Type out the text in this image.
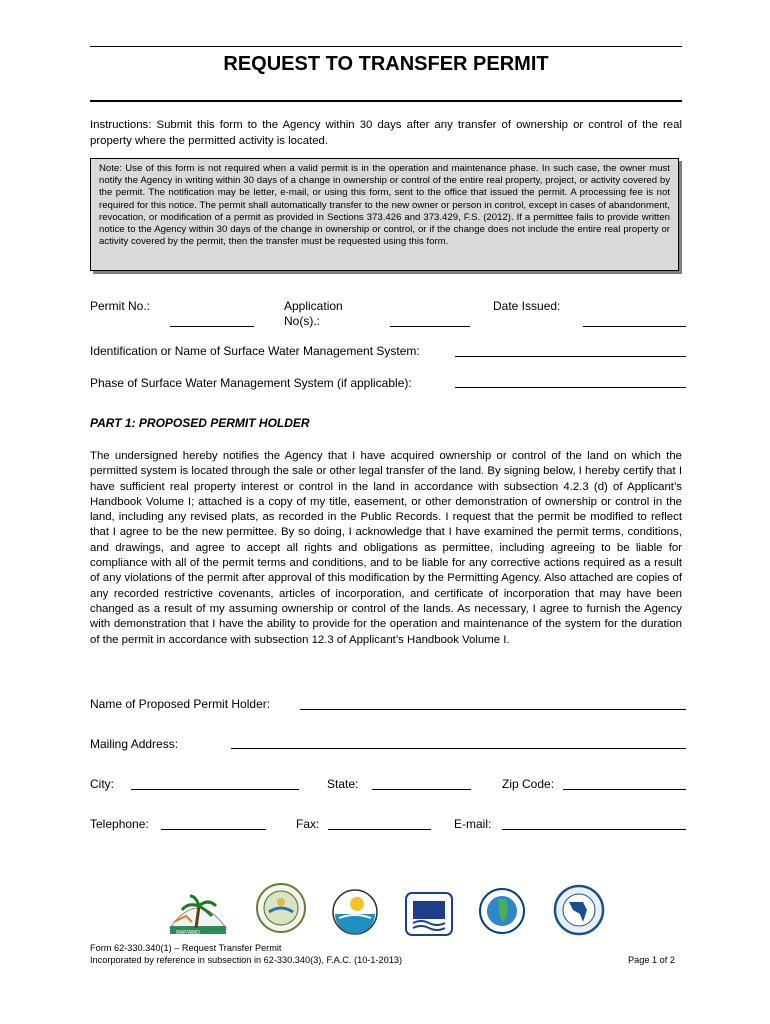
REQUEST TO TRANSFER PERMIT
Instructions: Submit this form to the Agency within 30 days after any transfer of ownership or control of the real property where the permitted activity is located.
Note: Use of this form is not required when a valid permit is in the operation and maintenance phase. In such case, the owner must notify the Agency in writing within 30 days of a change in ownership or control of the entire real property, project, or activity covered by the permit. The notification may be letter, e-mail, or using this form, sent to the office that issued the permit. A processing fee is not required for this notice. The permit shall automatically transfer to the new owner or person in control, except in cases of abandonment, revocation, or modification of a permit as provided in Sections 373.426 and 373.429, F.S. (2012). If a permittee fails to provide written notice to the Agency within 30 days of the change in ownership or control, or if the change does not include the entire real property or activity covered by the permit, then the transfer must be requested using this form.
Permit No.:	Application
No(s).:
Date Issued:
Identification or Name of Surface Water Management System:
Phase of Surface Water Management System (if applicable):
PART 1: PROPOSED PERMIT HOLDER
The undersigned hereby notifies the Agency that I have acquired ownership or control of the land on which the permitted system is located through the sale or other legal transfer of the land. By signing below, I hereby certify that I have sufficient real property interest or control in the land in accordance with subsection 4.2.3 (d) of Applicant’s Handbook Volume I; attached is a copy of my title, easement, or other demonstration of ownership or control in the land, including any revised plats, as recorded in the Public Records. I request that the permit be modified to reflect that I agree to be the new permittee. By so doing, I acknowledge that I have examined the permit terms, conditions, and drawings, and agree to accept all rights and obligations as permittee, including agreeing to be liable for compliance with all of the permit terms and conditions, and to be liable for any corrective actions required as a result of any violations of the permit after approval of this modification by the Permitting Agency. Also attached are copies of any recorded restrictive covenants, articles of incorporation, and certificate of incorporation that may have been changed as a result of my assuming ownership or control of the lands. As necessary, I agree to furnish the Agency with demonstration that I have the ability to provide for the operation and maintenance of the system for the duration of the permit in accordance with subsection 12.3 of Applicant’s Handbook Volume I.
Name of Proposed Permit Holder:
Mailing Address:
City:	State:	Zip Code:
Telephone:	Fax:	E-mail:
NWFWMD
Form 62-330.340(1) – Request Transfer Permit
Incorporated by reference in subsection in 62-330.340(3), F.A.C. (10-1-2013)	Page 1 of 2
